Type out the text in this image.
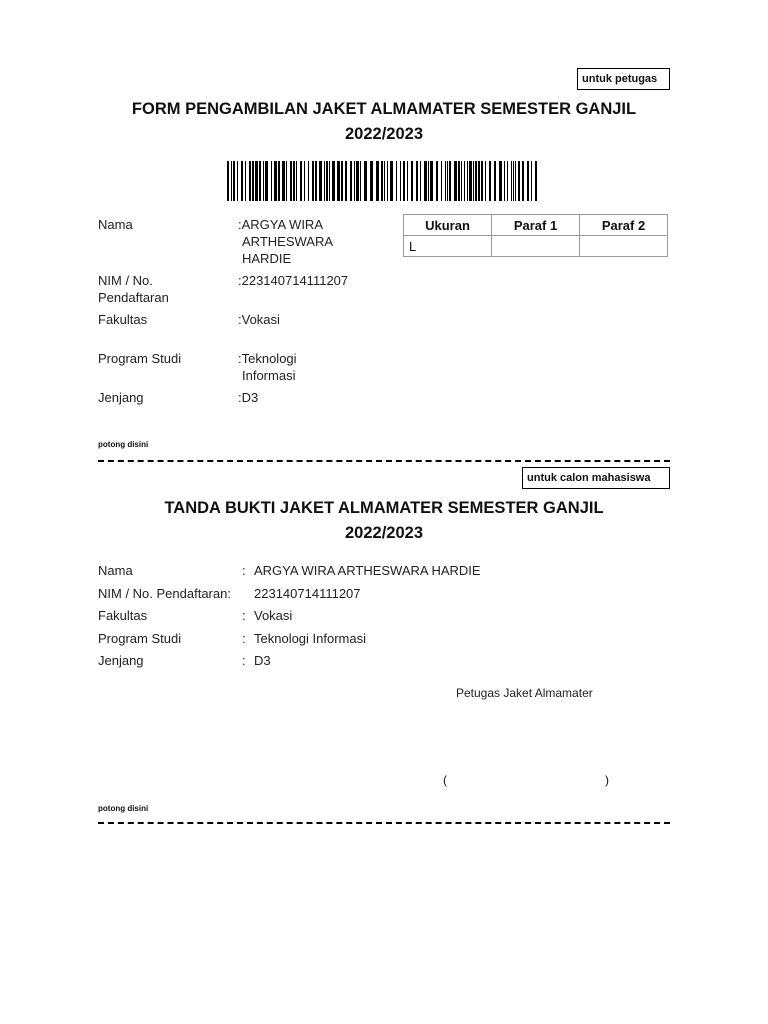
untuk petugas
FORM PENGAMBILAN JAKET ALMAMATER SEMESTER GANJIL
2022/2023
Nama	:ARGYA WIRA
ARTHESWARA
HARDIE
NIM / No.
Pendaftaran
:223140714111207
Fakultas	:Vokasi
Program Studi	:Teknologi
Informasi
Jenjang	:D3
Ukuran	Paraf 1	Paraf 2
L		
potong disini
untuk calon mahasiswa
TANDA BUKTI JAKET ALMAMATER SEMESTER GANJIL
2022/2023
Nama	: ARGYA WIRA ARTHESWARA HARDIE
NIM / No. Pendaftaran:	223140714111207
Fakultas	: Vokasi
Program Studi	: Teknologi Informasi
Jenjang	: D3
Petugas Jaket Almamater
(	)
potong disini
